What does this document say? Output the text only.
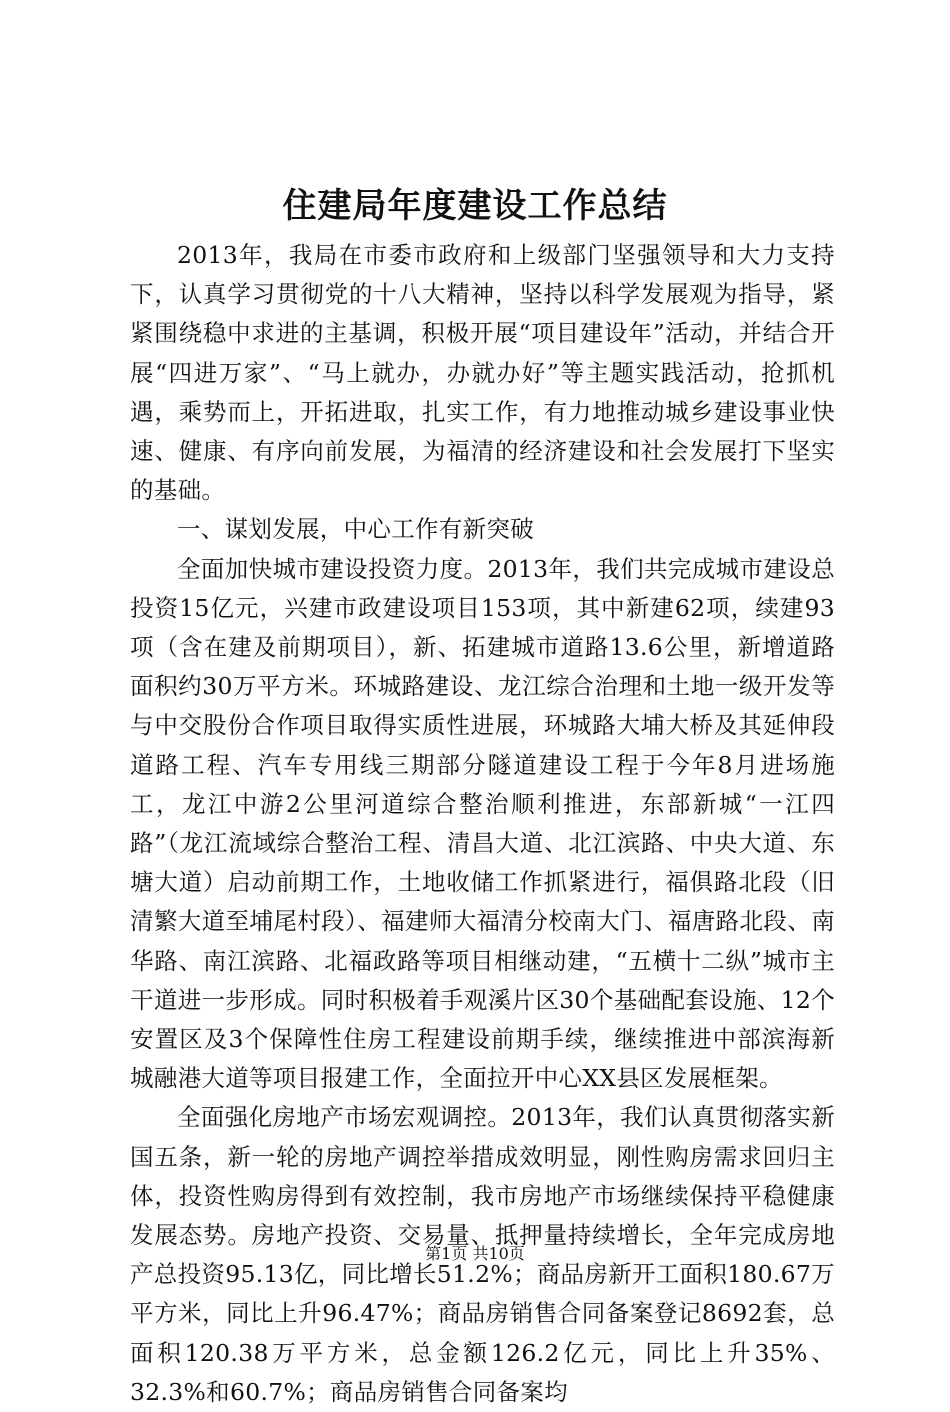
住建局年度建设工作总结

2013年，我局在市委市政府和上级部门坚强领导和大力支持下，认真学习贯彻党的十八大精神，坚持以科学发展观为指导，紧紧围绕稳中求进的主基调，积极开展“项目建设年”活动，并结合开展“四进万家”、“马上就办，办就办好”等主题实践活动，抢抓机遇，乘势而上，开拓进取，扎实工作，有力地推动城乡建设事业快速、健康、有序向前发展，为福清的经济建设和社会发展打下坚实的基础。

一、谋划发展，中心工作有新突破

全面加快城市建设投资力度。2013年，我们共完成城市建设总投资15亿元，兴建市政建设项目153项，其中新建62项，续建93项（含在建及前期项目），新、拓建城市道路13.6公里，新增道路面积约30万平方米。环城路建设、龙江综合治理和土地一级开发等与中交股份合作项目取得实质性进展，环城路大埔大桥及其延伸段道路工程、汽车专用线三期部分隧道建设工程于今年8月进场施工，龙江中游2公里河道综合整治顺利推进，东部新城“一江四路”（龙江流域综合整治工程、清昌大道、北江滨路、中央大道、东塘大道）启动前期工作，土地收储工作抓紧进行，福俱路北段（旧清繁大道至埔尾村段）、福建师大福清分校南大门、福唐路北段、南华路、南江滨路、北福政路等项目相继动建，“五横十二纵”城市主干道进一步形成。同时积极着手观溪片区30个基础配套设施、12个安置区及3个保障性住房工程建设前期手续，继续推进中部滨海新城融港大道等项目报建工作，全面拉开中心XX县区发展框架。

全面强化房地产市场宏观调控。2013年，我们认真贯彻落实新国五条，新一轮的房地产调控举措成效明显，刚性购房需求回归主体，投资性购房得到有效控制，我市房地产市场继续保持平稳健康发展态势。房地产投资、交易量、抵押量持续增长，全年完成房地产总投资95.13亿，同比增长51.2%；商品房新开工面积180.67万平方米，同比上升96.47%；商品房销售合同备案登记8692套，总面积120.38万平方米，总金额126.2亿元，同比上升35%、32.3%和60.7%；商品房销售合同备案均

第1页 共10页
